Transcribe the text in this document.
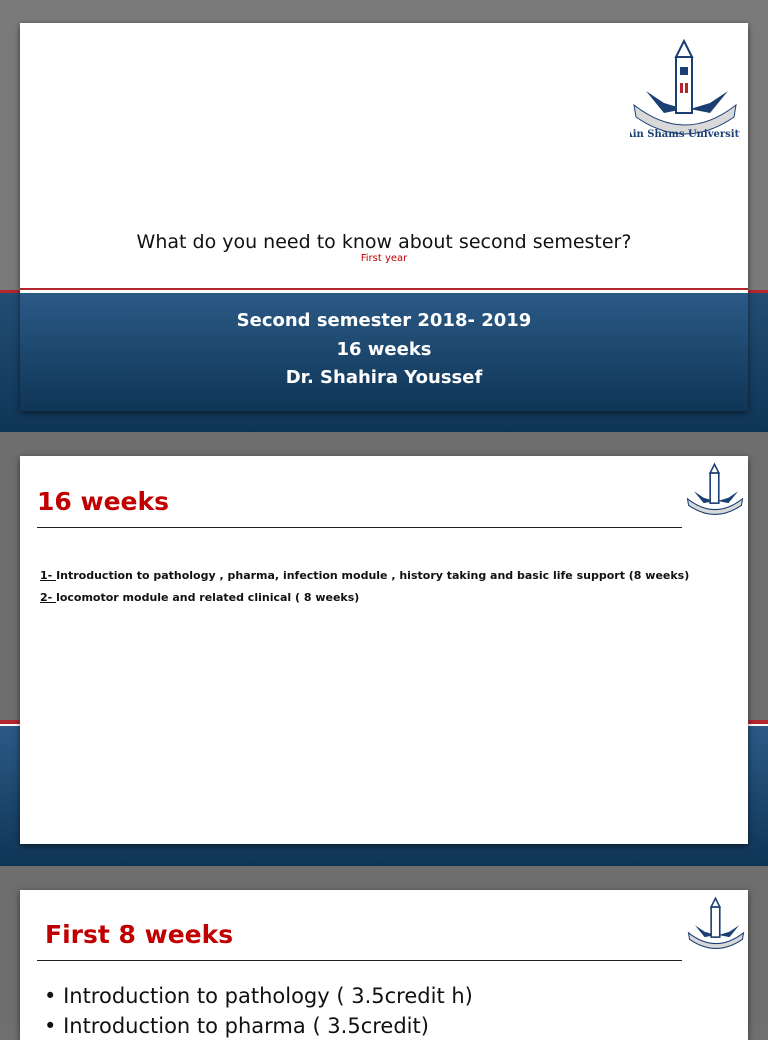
Ain Shams University
What do you need to know about second semester?
First year
Second semester 2018- 2019
16 weeks
Dr. Shahira Youssef
16 weeks
1- Introduction to pathology , pharma, infection module , history taking and basic life support (8 weeks)
2- locomotor module and related clinical ( 8 weeks)
First 8 weeks
• Introduction to pathology ( 3.5credit h)
• Introduction to pharma ( 3.5credit)
